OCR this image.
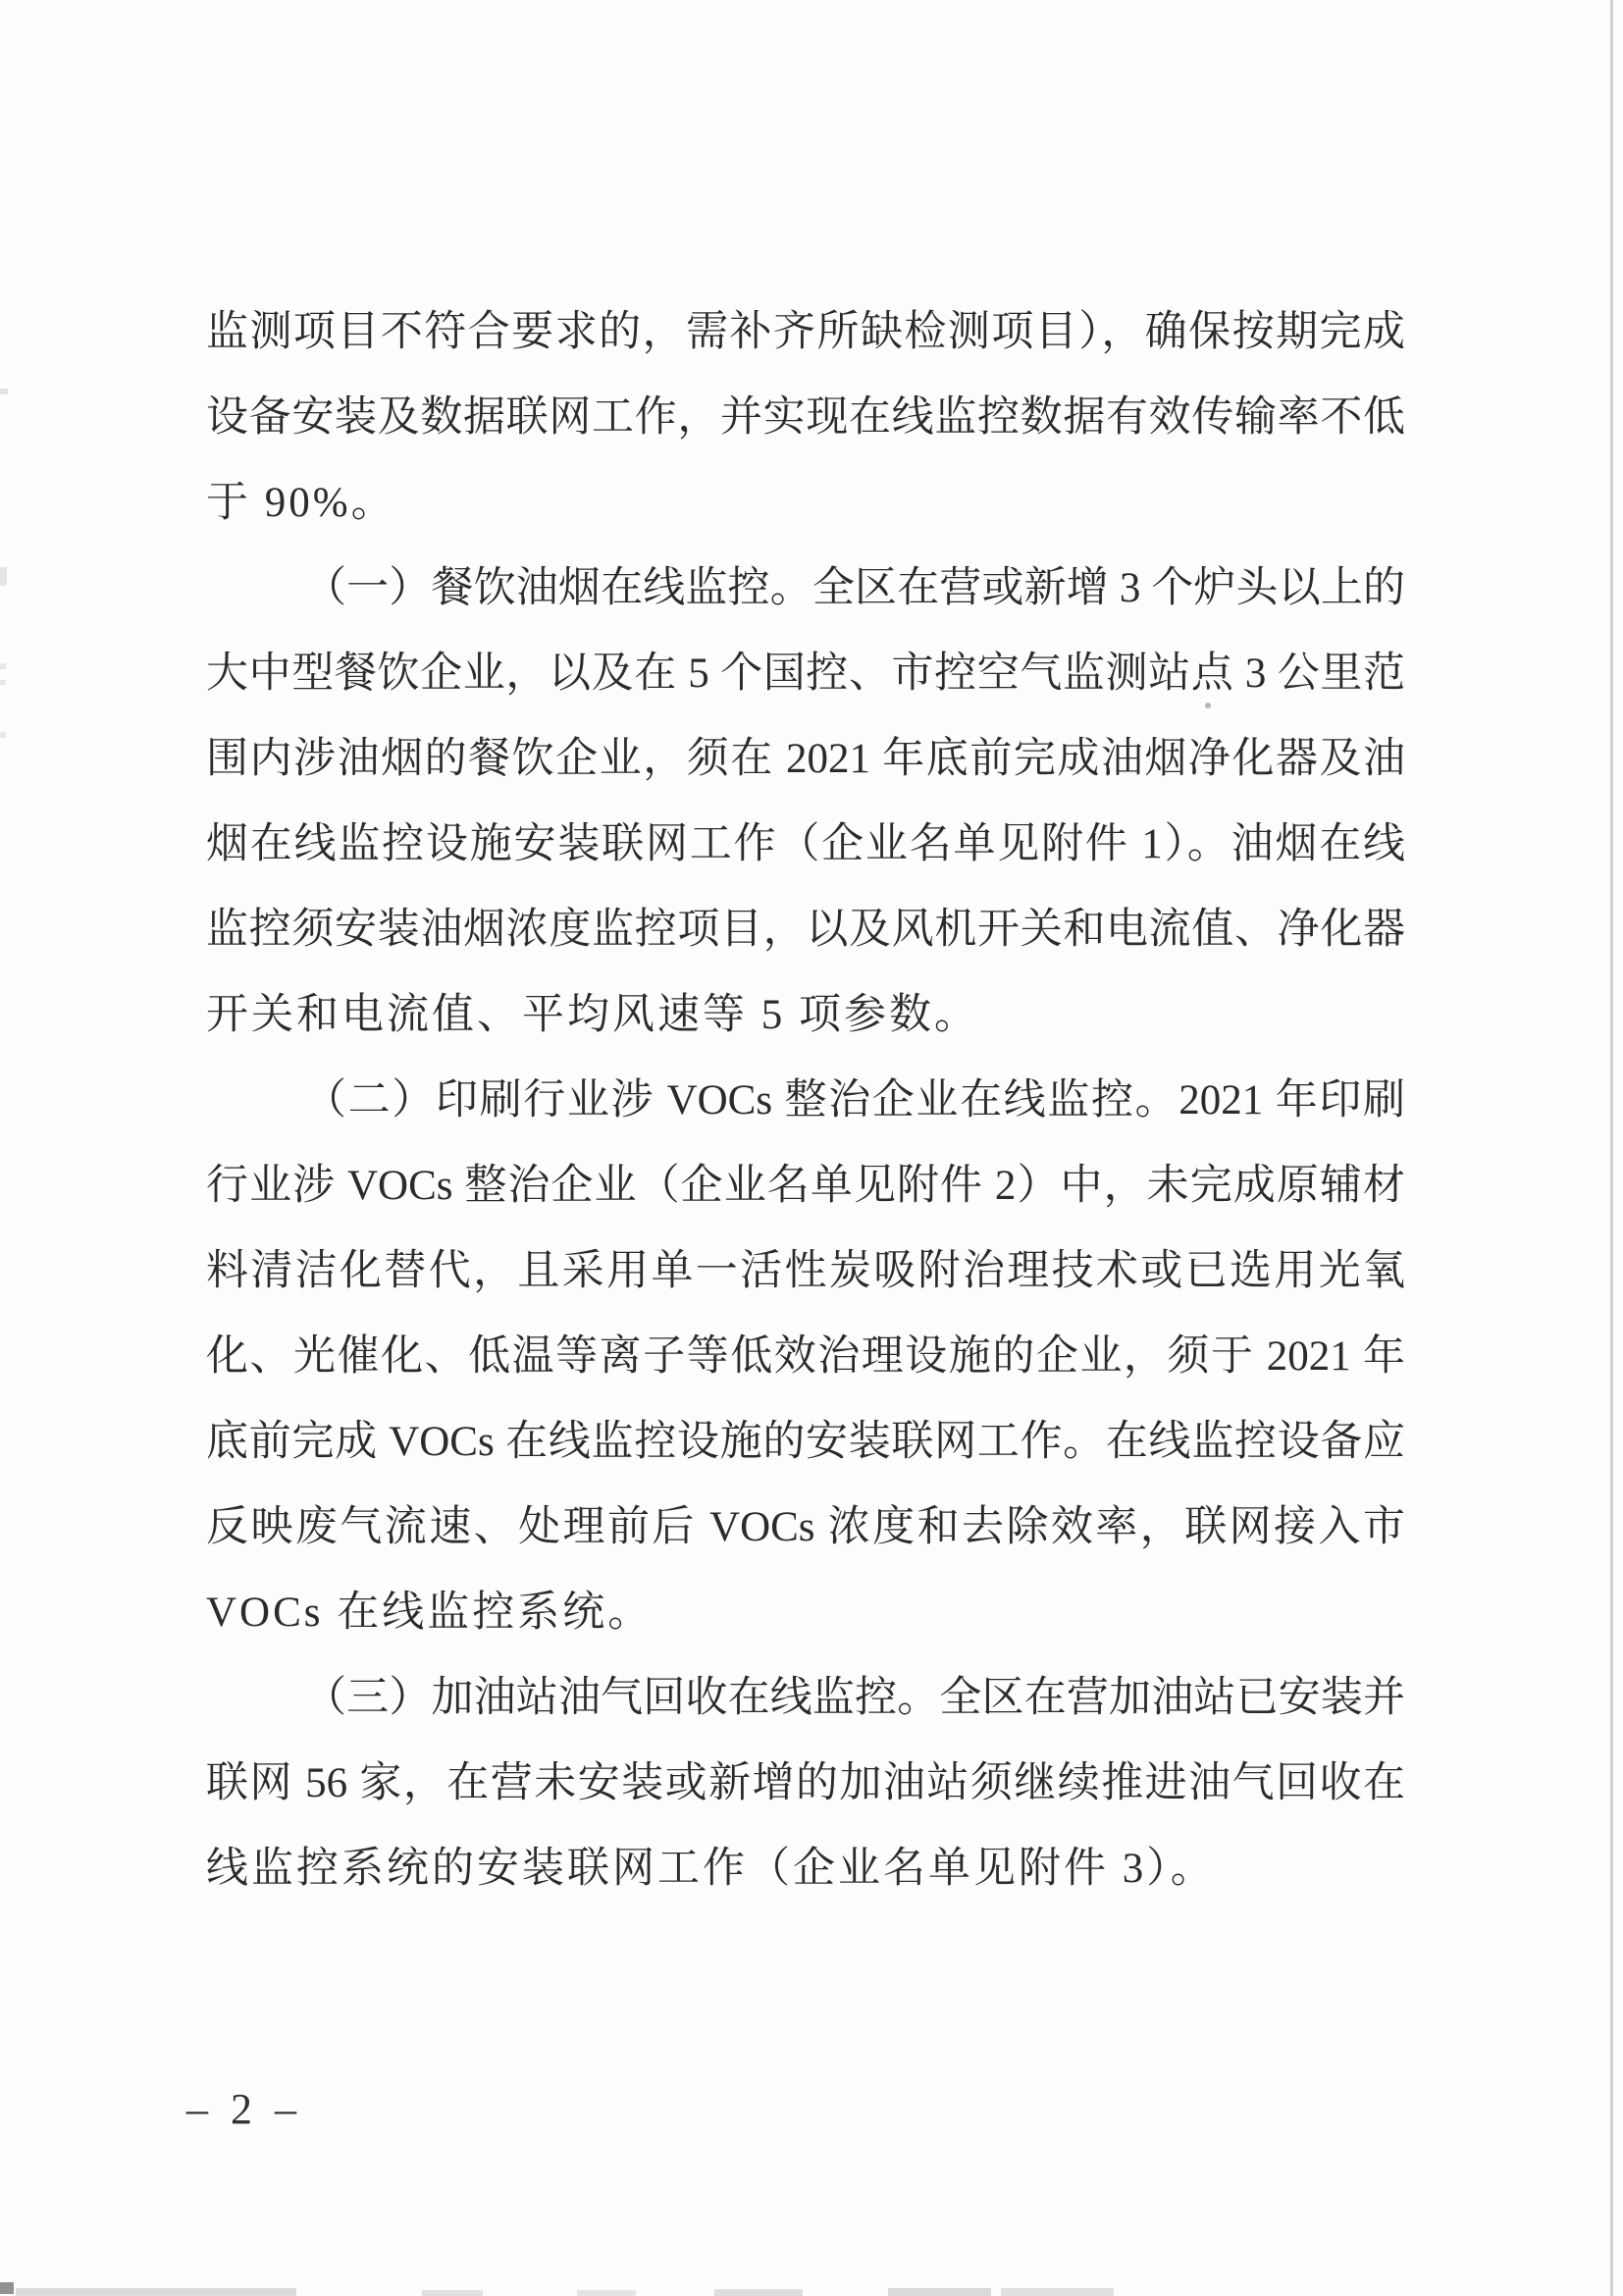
监测项目不符合要求的，需补齐所缺检测项目），确保按期完成
设备安装及数据联网工作，并实现在线监控数据有效传输率不低
于 90%。
（一）餐饮油烟在线监控。全区在营或新增 3 个炉头以上的
大中型餐饮企业，以及在 5 个国控、市控空气监测站点 3 公里范
围内涉油烟的餐饮企业，须在 2021 年底前完成油烟净化器及油
烟在线监控设施安装联网工作（企业名单见附件 1）。油烟在线
监控须安装油烟浓度监控项目，以及风机开关和电流值、净化器
开关和电流值、平均风速等 5 项参数。
（二）印刷行业涉 VOCs 整治企业在线监控。2021 年印刷
行业涉 VOCs 整治企业（企业名单见附件 2）中，未完成原辅材
料清洁化替代，且采用单一活性炭吸附治理技术或已选用光氧
化、光催化、低温等离子等低效治理设施的企业，须于 2021 年
底前完成 VOCs 在线监控设施的安装联网工作。在线监控设备应
反映废气流速、处理前后 VOCs 浓度和去除效率，联网接入市
VOCs 在线监控系统。
（三）加油站油气回收在线监控。全区在营加油站已安装并
联网 56 家，在营未安装或新增的加油站须继续推进油气回收在
线监控系统的安装联网工作（企业名单见附件 3）。
– 2 –
